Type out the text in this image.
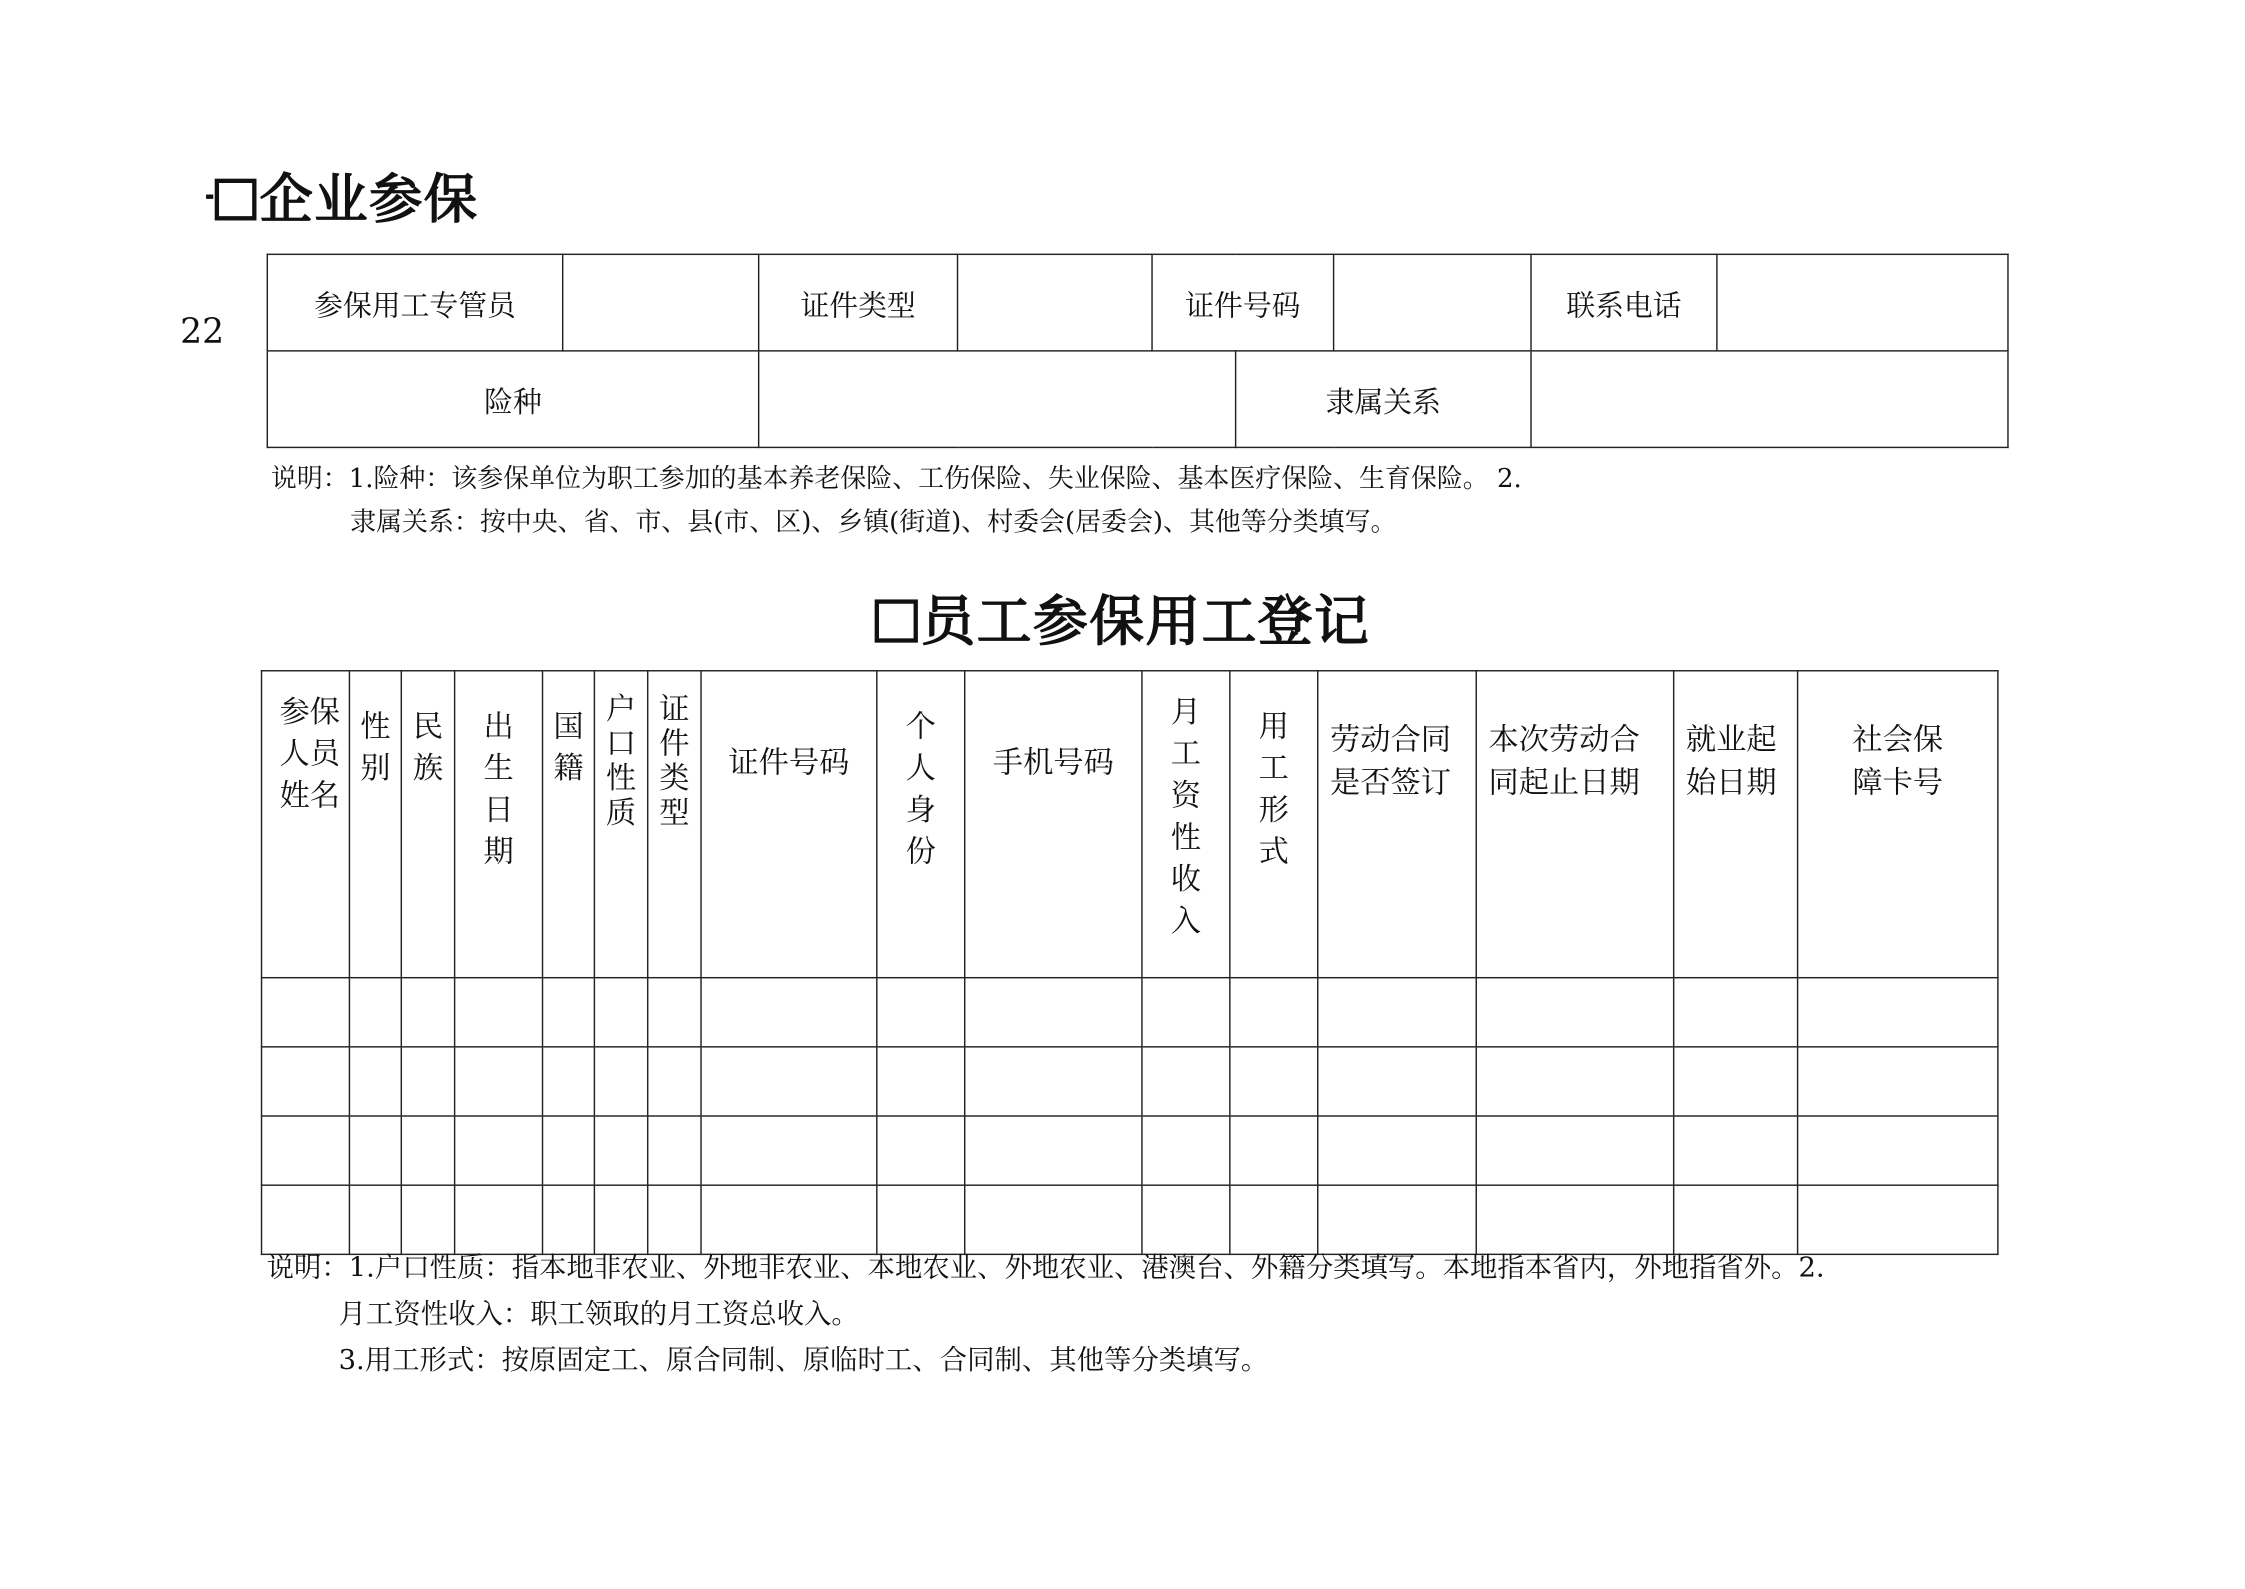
企业参保
22
参保用工专管员		证件类型		证件号码			联系电话	
险种					隶属关系			
说明：1.险种：该参保单位为职工参加的基本养老保险、工伤保险、失业保险、基本医疗保险、生育保险。 2.
隶属关系：按中央、省、市、县(市、区)、乡镇(街道)、村委会(居委会)、其他等分类填写。
员工参保用工登记
参保人员姓名	性别	民族	出生日期	国籍	户口性质	证件类型	证件号码	个人身份	手机号码	月工资性收入	用工形式	劳动合同是否签订	本次劳动合同起止日期	就业起始日期	社会保障卡号

说明：1.户口性质：指本地非农业、外地非农业、本地农业、外地农业、港澳台、外籍分类填写。本地指本省内，外地指省外。2.
月工资性收入：职工领取的月工资总收入。
3.用工形式：按原固定工、原合同制、原临时工、合同制、其他等分类填写。
